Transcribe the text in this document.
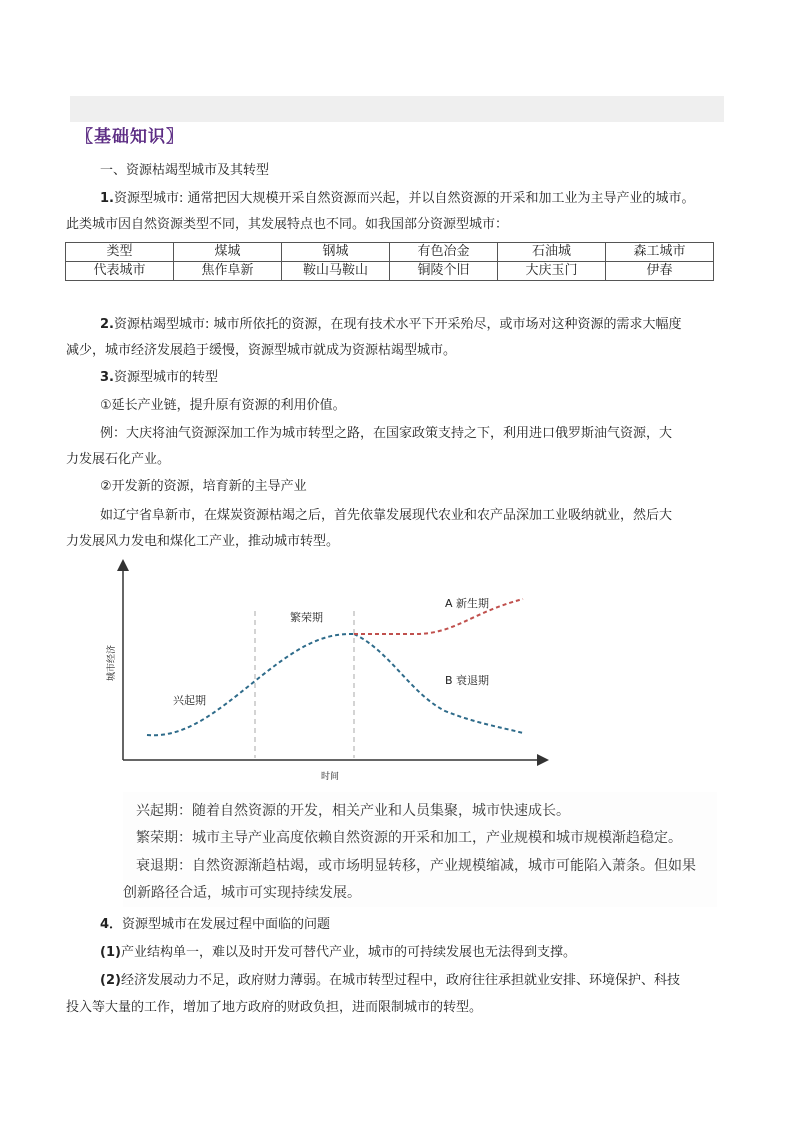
〖基础知识〗
一、资源枯竭型城市及其转型
1.资源型城市: 通常把因大规模开采自然资源而兴起，并以自然资源的开采和加工业为主导产业的城市。
此类城市因自然资源类型不同，其发展特点也不同。如我国部分资源型城市：
类型	煤城	钢城	有色冶金	石油城	森工城市
代表城市	焦作阜新	鞍山马鞍山	铜陵个旧	大庆玉门	伊春
2.资源枯竭型城市: 城市所依托的资源，在现有技术水平下开采殆尽，或市场对这种资源的需求大幅度
减少，城市经济发展趋于缓慢，资源型城市就成为资源枯竭型城市。
3.资源型城市的转型
①延长产业链，提升原有资源的利用价值。
例：大庆将油气资源深加工作为城市转型之路，在国家政策支持之下，利用进口俄罗斯油气资源，大
力发展石化产业。
②开发新的资源，培育新的主导产业
如辽宁省阜新市，在煤炭资源枯竭之后，首先依靠发展现代农业和农产品深加工业吸纳就业，然后大
力发展风力发电和煤化工产业，推动城市转型。
兴起期
繁荣期
A 新生期
B 衰退期
城市经济
时间
兴起期：随着自然资源的开发，相关产业和人员集聚，城市快速成长。
繁荣期：城市主导产业高度依赖自然资源的开采和加工，产业规模和城市规模渐趋稳定。
衰退期：自然资源渐趋枯竭，或市场明显转移，产业规模缩减，城市可能陷入萧条。但如果
创新路径合适，城市可实现持续发展。
4．资源型城市在发展过程中面临的问题
(1)产业结构单一，难以及时开发可替代产业，城市的可持续发展也无法得到支撑。
(2)经济发展动力不足，政府财力薄弱。在城市转型过程中，政府往往承担就业安排、环境保护、科技
投入等大量的工作，增加了地方政府的财政负担，进而限制城市的转型。
